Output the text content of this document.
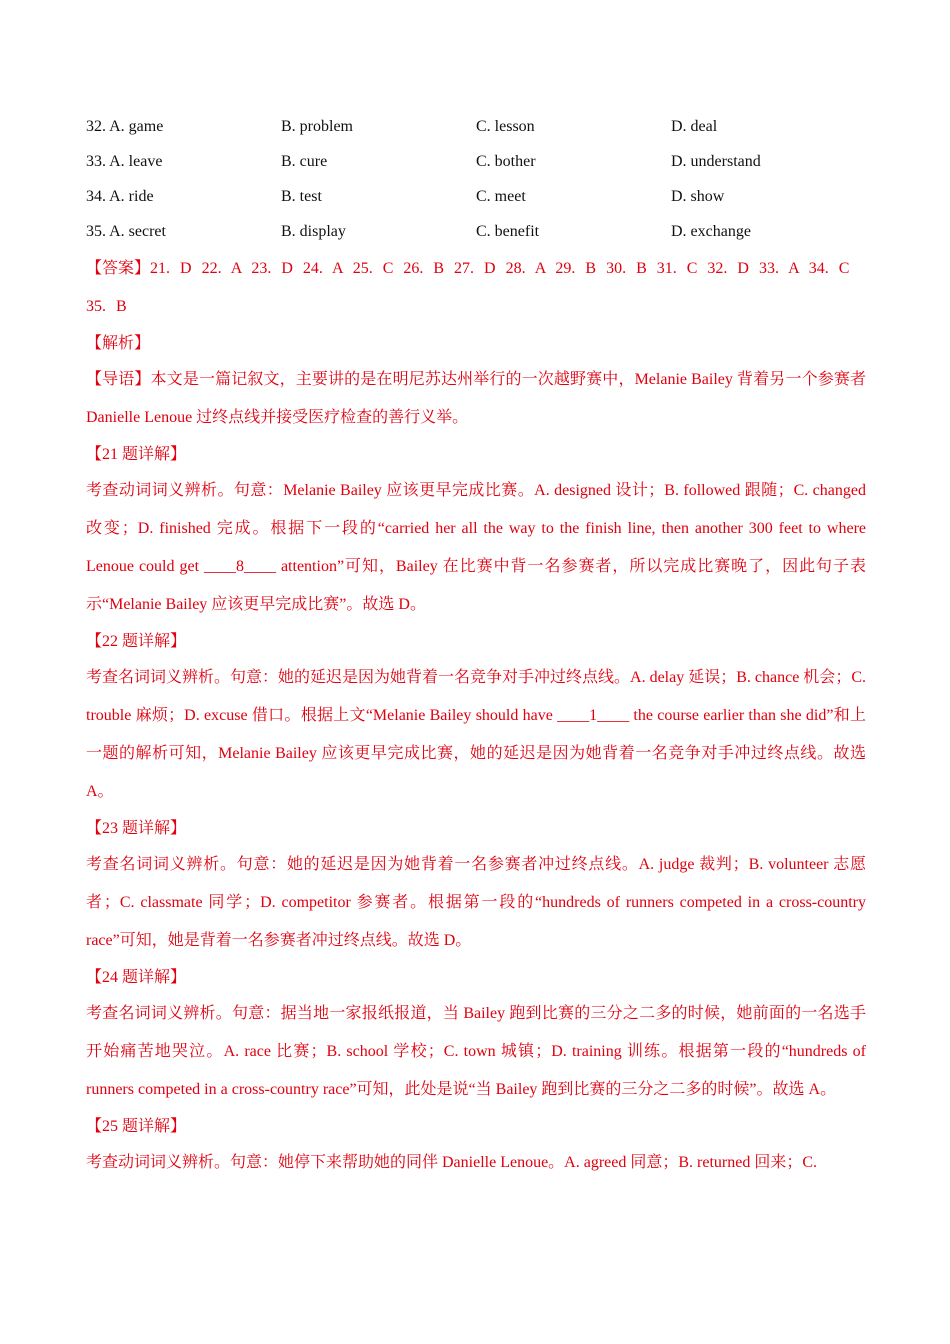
32. A. game	B. problem	C. lesson	D. deal
33. A. leave	B. cure	C. bother	D. understand
34. A. ride	B. test	C. meet	D. show
35. A. secret	B. display	C. benefit	D. exchange
【答案】21. D 22. A 23. D 24. A 25. C 26. B 27. D 28. A 29. B 30. B 31. C 32. D 33. A 34. C 35. B
【解析】
【导语】本文是一篇记叙文，主要讲的是在明尼苏达州举行的一次越野赛中，Melanie Bailey 背着另一个参赛者 Danielle Lenoue 过终点线并接受医疗检查的善行义举。
【21 题详解】
考查动词词义辨析。句意：Melanie Bailey 应该更早完成比赛。A. designed 设计；B. followed 跟随；C. changed 改变；D. finished 完成。根据下一段的“carried her all the way to the finish line, then another 300 feet to where Lenoue could get ____8____ attention”可知，Bailey 在比赛中背一名参赛者，所以完成比赛晚了，因此句子表示“Melanie Bailey 应该更早完成比赛”。故选 D。
【22 题详解】
考查名词词义辨析。句意：她的延迟是因为她背着一名竞争对手冲过终点线。A. delay 延误；B. chance 机会；C. trouble 麻烦；D. excuse 借口。根据上文“Melanie Bailey should have ____1____ the course earlier than she did”和上一题的解析可知，Melanie Bailey 应该更早完成比赛，她的延迟是因为她背着一名竞争对手冲过终点线。故选 A。
【23 题详解】
考查名词词义辨析。句意：她的延迟是因为她背着一名参赛者冲过终点线。A. judge 裁判；B. volunteer 志愿者；C. classmate 同学；D. competitor 参赛者。根据第一段的“hundreds of runners competed in a cross-country race”可知，她是背着一名参赛者冲过终点线。故选 D。
【24 题详解】
考查名词词义辨析。句意：据当地一家报纸报道，当 Bailey 跑到比赛的三分之二多的时候，她前面的一名选手开始痛苦地哭泣。A. race 比赛；B. school 学校；C. town 城镇；D. training 训练。根据第一段的“hundreds of runners competed in a cross-country race”可知，此处是说“当 Bailey 跑到比赛的三分之二多的时候”。故选 A。
【25 题详解】
考查动词词义辨析。句意：她停下来帮助她的同伴 Danielle Lenoue。A. agreed 同意；B. returned 回来；C.
